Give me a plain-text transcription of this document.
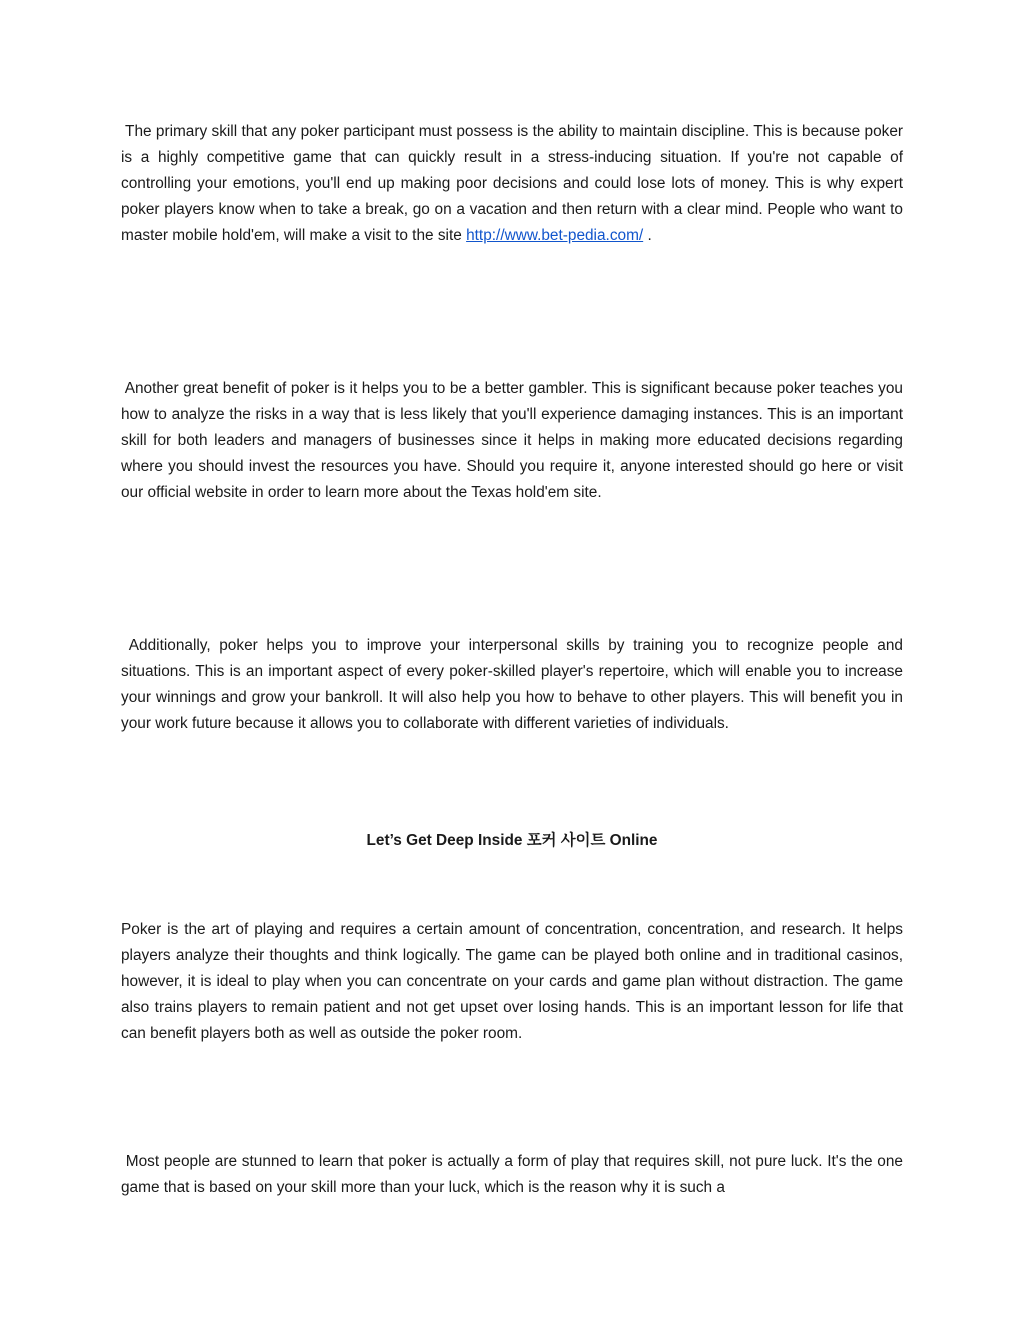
The primary skill that any poker participant must possess is the ability to maintain discipline. This is because poker is a highly competitive game that can quickly result in a stress-inducing situation. If you're not capable of controlling your emotions, you'll end up making poor decisions and could lose lots of money. This is why expert poker players know when to take a break, go on a vacation and then return with a clear mind. People who want to master mobile hold'em, will make a visit to the site http://www.bet-pedia.com/ .

Another great benefit of poker is it helps you to be a better gambler. This is significant because poker teaches you how to analyze the risks in a way that is less likely that you'll experience damaging instances. This is an important skill for both leaders and managers of businesses since it helps in making more educated decisions regarding where you should invest the resources you have. Should you require it, anyone interested should go here or visit our official website in order to learn more about the Texas hold'em site.

Additionally, poker helps you to improve your interpersonal skills by training you to recognize people and situations. This is an important aspect of every poker-skilled player's repertoire, which will enable you to increase your winnings and grow your bankroll. It will also help you how to behave to other players. This will benefit you in your work future because it allows you to collaborate with different varieties of individuals.

Let’s Get Deep Inside 포커 사이트 Online

Poker is the art of playing and requires a certain amount of concentration, concentration, and research. It helps players analyze their thoughts and think logically. The game can be played both online and in traditional casinos, however, it is ideal to play when you can concentrate on your cards and game plan without distraction. The game also trains players to remain patient and not get upset over losing hands. This is an important lesson for life that can benefit players both as well as outside the poker room.

Most people are stunned to learn that poker is actually a form of play that requires skill, not pure luck. It's the one game that is based on your skill more than your luck, which is the reason why it is such a
